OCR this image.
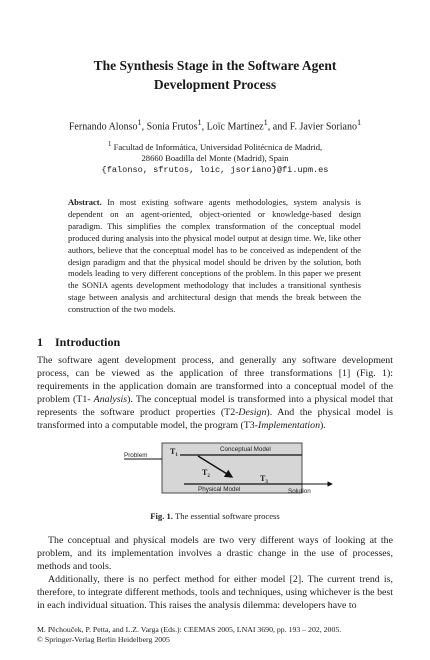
The Synthesis Stage in the Software Agent
Development Process
Fernando Alonso$^1$, Sonia Frutos$^1$, Loïc Martínez$^1$, and F. Javier Soriano$^1$
$^1$ Facultad de Informática, Universidad Politécnica de Madrid,
28660 Boadilla del Monte (Madrid), Spain
{falonso, sfrutos, loic, jsoriano}@fi.upm.es
Abstract. In most existing software agents methodologies, system analysis is dependent on an agent-oriented, object-oriented or knowledge-based design paradigm. This simplifies the complex transformation of the conceptual model produced during analysis into the physical model output at design time. We, like other authors, believe that the conceptual model has to be conceived as independent of the design paradigm and that the physical model should be driven by the solution, both models leading to very different conceptions of the problem. In this paper we present the SONIA agents development methodology that includes a transitional synthesis stage between analysis and architectural design that mends the break between the construction of the two models.
1 Introduction
The software agent development process, and generally any software development process, can be viewed as the application of three transformations [1] (Fig. 1): requirements in the application domain are transformed into a conceptual model of the problem (T1- Analysis). The conceptual model is transformed into a physical model that represents the software product properties (T2-Design). And the physical model is transformed into a computable model, the program (T3-Implementation).
Conceptual Model
Problem	$T_1$
$T_2$
Physical Model
$T_3$
Solution
Fig. 1. The essential software process
The conceptual and physical models are two very different ways of looking at the problem, and its implementation involves a drastic change in the use of processes, methods and tools.
Additionally, there is no perfect method for either model [2]. The current trend is, therefore, to integrate different methods, tools and techniques, using whichever is the best in each individual situation. This raises the analysis dilemma: developers have to
M. Pěchouček, P. Petta, and L.Z. Varga (Eds.): CEEMAS 2005, LNAI 3690, pp. 193 – 202, 2005.
© Springer-Verlag Berlin Heidelberg 2005
